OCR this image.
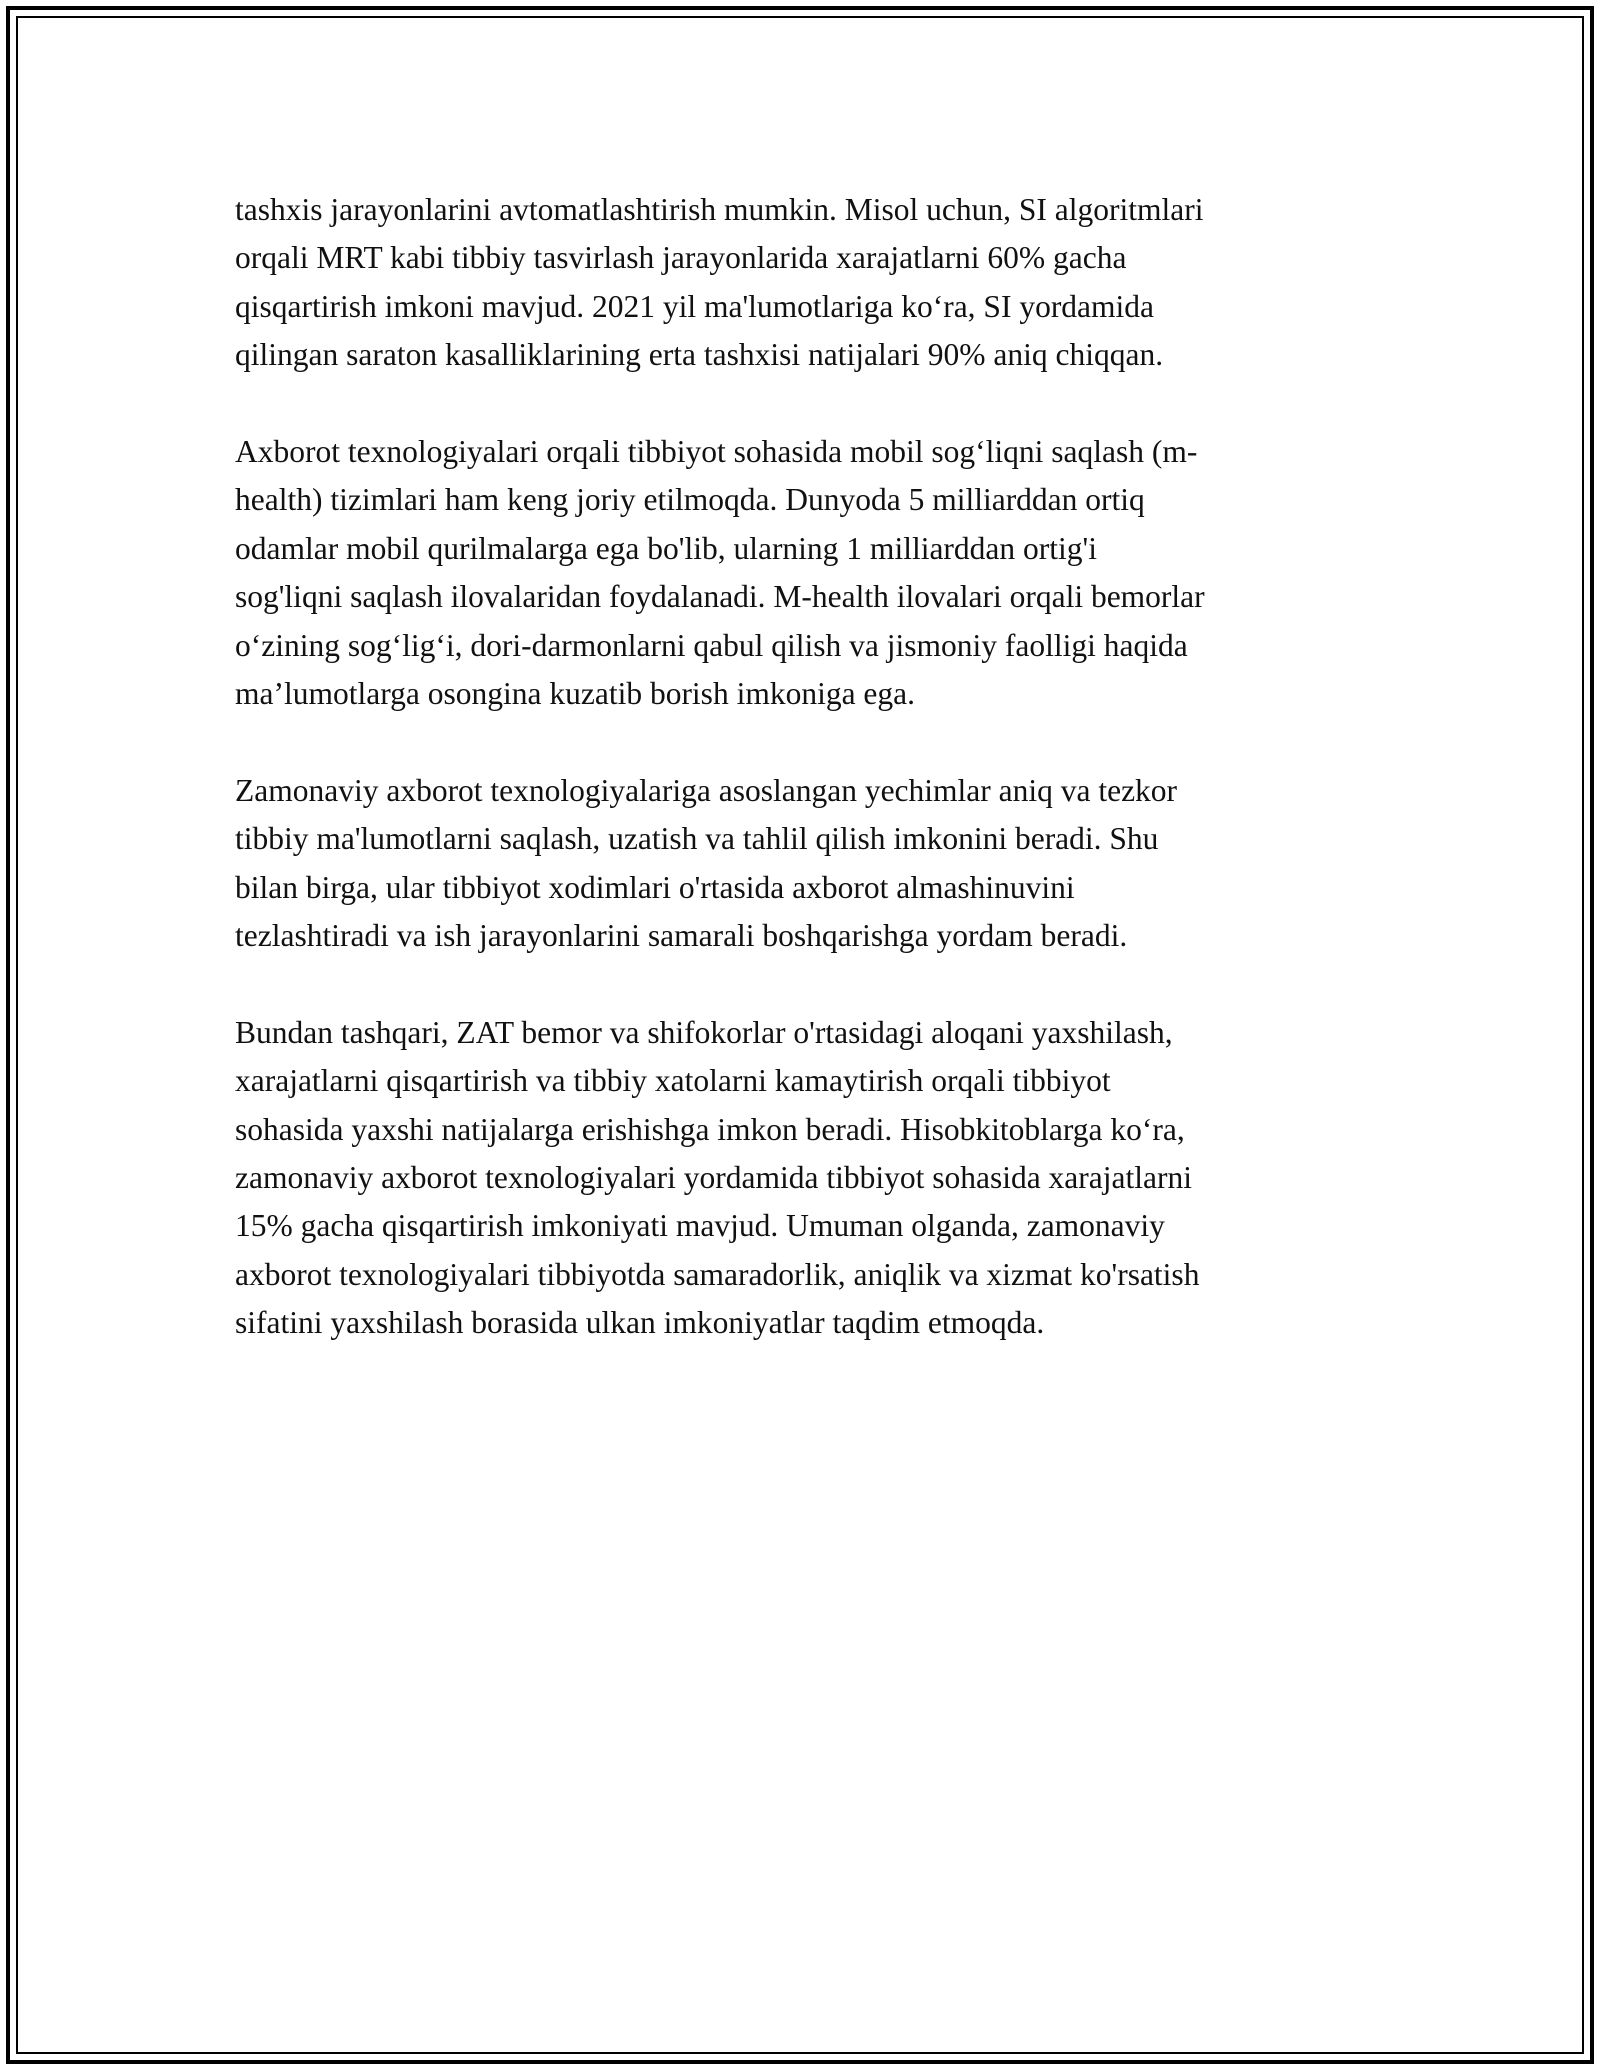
tashxis jarayonlarini avtomatlashtirish mumkin. Misol uchun, SI algoritmlari
orqali MRT kabi tibbiy tasvirlash jarayonlarida xarajatlarni 60% gacha
qisqartirish imkoni mavjud. 2021 yil ma'lumotlariga ko‘ra, SI yordamida
qilingan saraton kasalliklarining erta tashxisi natijalari 90% aniq chiqqan.

Axborot texnologiyalari orqali tibbiyot sohasida mobil sog‘liqni saqlash (m-
health) tizimlari ham keng joriy etilmoqda. Dunyoda 5 milliarddan ortiq
odamlar mobil qurilmalarga ega bo'lib, ularning 1 milliarddan ortig'i
sog'liqni saqlash ilovalaridan foydalanadi. M-health ilovalari orqali bemorlar
o‘zining sog‘lig‘i, dori-darmonlarni qabul qilish va jismoniy faolligi haqida
ma’lumotlarga osongina kuzatib borish imkoniga ega.

Zamonaviy axborot texnologiyalariga asoslangan yechimlar aniq va tezkor
tibbiy ma'lumotlarni saqlash, uzatish va tahlil qilish imkonini beradi. Shu
bilan birga, ular tibbiyot xodimlari o'rtasida axborot almashinuvini
tezlashtiradi va ish jarayonlarini samarali boshqarishga yordam beradi.

Bundan tashqari, ZAT bemor va shifokorlar o'rtasidagi aloqani yaxshilash,
xarajatlarni qisqartirish va tibbiy xatolarni kamaytirish orqali tibbiyot
sohasida yaxshi natijalarga erishishga imkon beradi. Hisobkitoblarga ko‘ra,
zamonaviy axborot texnologiyalari yordamida tibbiyot sohasida xarajatlarni
15% gacha qisqartirish imkoniyati mavjud. Umuman olganda, zamonaviy
axborot texnologiyalari tibbiyotda samaradorlik, aniqlik va xizmat ko'rsatish
sifatini yaxshilash borasida ulkan imkoniyatlar taqdim etmoqda.
